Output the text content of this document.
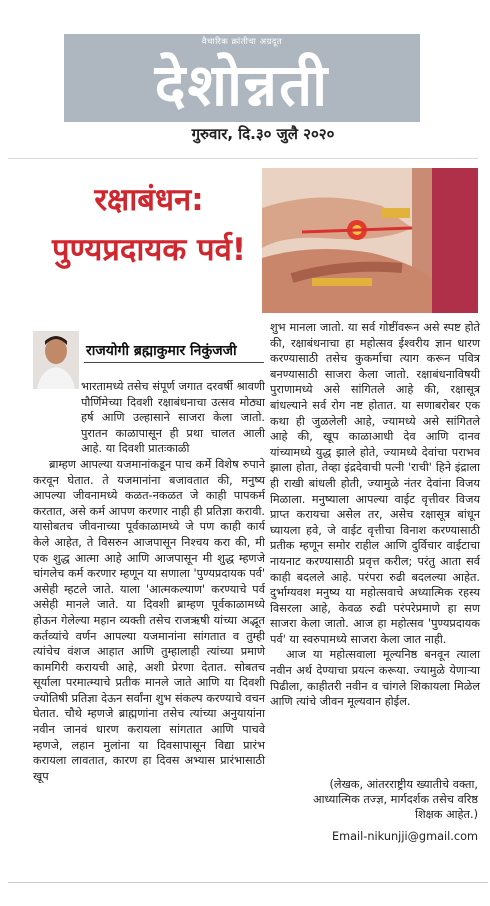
वैचारिक क्रांतीचा अग्रदूत
देशोन्नती
गुरुवार, दि.३० जुलै २०२०
रक्षाबंधन:
पुण्यप्रदायक पर्व!
राजयोगी ब्रह्माकुमार निकुंजजी

भारतामध्ये तसेच संपूर्ण जगात दरवर्षी श्रावणी पौर्णिमेच्या दिवशी रक्षाबंधनाचा उत्सव मोठ्या हर्ष आणि उल्हासाने साजरा केला जातो. पुरातन काळापासून ही प्रथा चालत आली आहे. या दिवशी प्रातःकाळी

ब्राम्हण आपल्या यजमानांकडून पाच कर्मे विशेष रुपाने करवून घेतात. ते यजमानांना बजावतात की, मनुष्य आपल्या जीवनामध्ये कळत-नकळत जे काही पापकर्म करतात, असे कर्म आपण करणार नाही ही प्रतिज्ञा करावी. यासोबतच जीवनाच्या पूर्वकाळामध्ये जे पण काही कार्य केले आहेत, ते विसरुन आजपासून निश्चय करा की, मी एक शुद्ध आत्मा आहे आणि आजपासून मी शुद्ध म्हणजे चांगलेच कर्म करणार म्हणून या सणाला 'पुण्यप्रदायक पर्व' असेही म्हटले जाते. याला 'आत्मकल्याण' करण्याचे पर्व असेही मानले जाते. या दिवशी ब्राम्हण पूर्वकाळामध्ये होऊन गेलेल्या महान व्यक्ती तसेच राजऋषी यांच्या अद्भूत कर्तव्यांचे वर्णन आपल्या यजमानांना सांगतात व तुम्ही त्यांचेच वंशज आहात आणि तुम्हालाही त्यांच्या प्रमाणे कामगिरी करायची आहे, अशी प्रेरणा देतात. सोबतच सूर्याला परमात्म्याचे प्रतीक मानले जाते आणि या दिवशी ज्योतिषी प्रतिज्ञा देऊन सर्वांना शुभ संकल्प करण्याचे वचन घेतात. चौथे म्हणजे ब्राह्मणांना तसेच त्यांच्या अनुयायांना नवीन जानवं धारण करायला सांगतात आणि पाचवे म्हणजे, लहान मुलांना या दिवसापासून विद्या प्रारंभ करायला लावतात, कारण हा दिवस अभ्यास प्रारंभासाठी खूप

शुभ मानला जातो. या सर्व गोष्टींवरून असे स्पष्ट होते की, रक्षाबंधनाचा हा महोत्सव ईश्वरीय ज्ञान धारण करण्यासाठी तसेच कुकर्माचा त्याग करून पवित्र बनण्यासाठी साजरा केला जातो. रक्षाबंधनाविषयी पुराणामध्ये असे सांगितले आहे की, रक्षासूत्र बांधल्याने सर्व रोग नष्ट होतात. या सणाबरोबर एक कथा ही जुळलेली आहे, ज्यामध्ये असे सांगितले आहे की, खूप काळाआधी देव आणि दानव यांच्यामध्ये युद्ध झाले होते, ज्यामध्ये देवांचा पराभव झाला होता, तेव्हा इंद्रदेवाची पत्नी 'राची' हिने इंद्राला ही राखी बांधली होती, ज्यामुळे नंतर देवांना विजय मिळाला. मनुष्याला आपल्या वाईट वृत्तीवर विजय प्राप्त करायचा असेल तर, असेच रक्षासूत्र बांधून घ्यायला हवे, जे वाईट वृत्तीचा विनाश करण्यासाठी प्रतीक म्हणून समोर राहील आणि दुर्विचार वाईटाचा नायनाट करण्यासाठी प्रवृत्त करील; परंतु आता सर्व काही बदलले आहे. परंपरा रुढी बदलल्या आहेत. दुर्भाग्यवश मनुष्य या महोत्सवाचे अध्यात्मिक रहस्य विसरला आहे, केवळ रुढी परंपरेप्रमाणे हा सण साजरा केला जातो. आज हा महोत्सव 'पुण्यप्रदायक पर्व' या स्वरुपामध्ये साजरा केला जात नाही.

आज या महोत्सवाला मूल्यनिष्ठ बनवून त्याला नवीन अर्थ देण्याचा प्रयत्न करूया. ज्यामुळे येणाऱ्या पिढीला, काहीतरी नवीन व चांगले शिकायला मिळेल आणि त्यांचे जीवन मूल्यवान होईल.

(लेखक, आंतरराष्ट्रीय ख्यातीचे वक्ता, आध्यात्मिक तज्ज्ञ, मार्गदर्शक तसेच वरिष्ठ शिक्षक आहेत.)
Email-nikunjji@gmail.com
